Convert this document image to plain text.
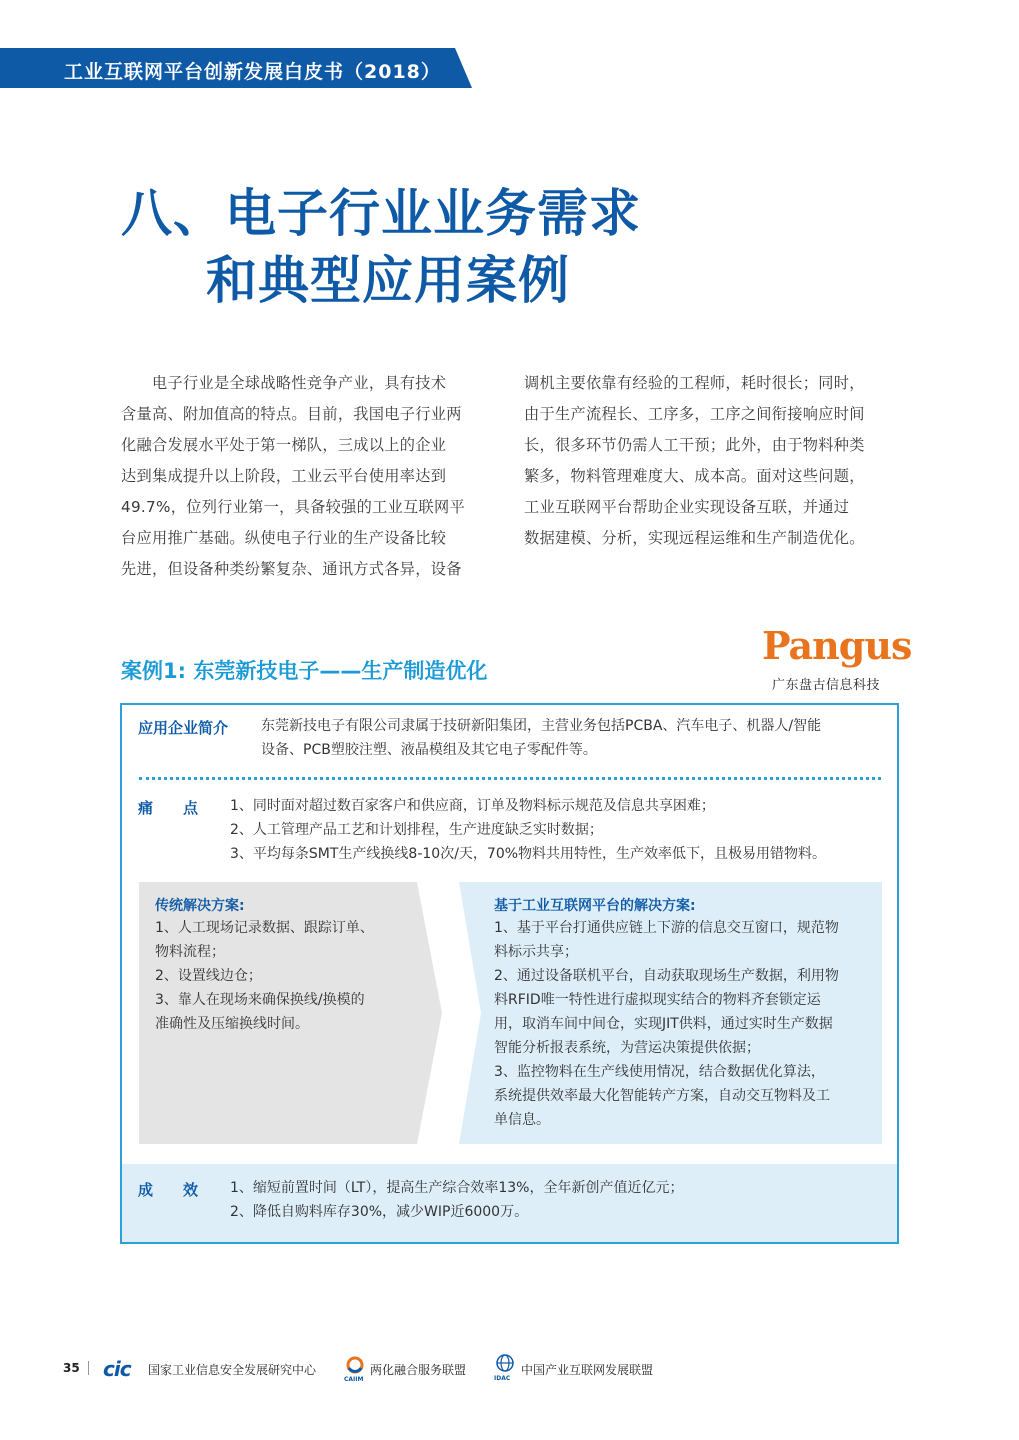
工业互联网平台创新发展白皮书（2018）
八、电子行业业务需求
和典型应用案例
电子行业是全球战略性竞争产业，具有技术
含量高、附加值高的特点。目前，我国电子行业两
化融合发展水平处于第一梯队，三成以上的企业
达到集成提升以上阶段，工业云平台使用率达到
49.7%，位列行业第一，具备较强的工业互联网平
台应用推广基础。纵使电子行业的生产设备比较
先进，但设备种类纷繁复杂、通讯方式各异，设备
调机主要依靠有经验的工程师，耗时很长；同时，
由于生产流程长、工序多，工序之间衔接响应时间
长，很多环节仍需人工干预；此外，由于物料种类
繁多，物料管理难度大、成本高。面对这些问题，
工业互联网平台帮助企业实现设备互联，并通过
数据建模、分析，实现远程运维和生产制造优化。
案例1: 东莞新技电子——生产制造优化
Pangus
广东盘古信息科技
应用企业简介 东莞新技电子有限公司隶属于技研新阳集团，主营业务包括PCBA、汽车电子、机器人/智能
设备、PCB塑胶注塑、液晶模组及其它电子零配件等。
痛　　点 1、同时面对超过数百家客户和供应商，订单及物料标示规范及信息共享困难；
2、人工管理产品工艺和计划排程，生产进度缺乏实时数据；
3、平均每条SMT生产线换线8-10次/天，70%物料共用特性，生产效率低下，且极易用错物料。
传统解决方案:
1、人工现场记录数据、跟踪订单、
物料流程；
2、设置线边仓；
3、靠人在现场来确保换线/换模的
准确性及压缩换线时间。
基于工业互联网平台的解决方案:
1、基于平台打通供应链上下游的信息交互窗口，规范物
料标示共享；
2、通过设备联机平台，自动获取现场生产数据，利用物
料RFID唯一特性进行虚拟现实结合的物料齐套锁定运
用，取消车间中间仓，实现JIT供料，通过实时生产数据
智能分析报表系统，为营运决策提供依据；
3、监控物料在生产线使用情况，结合数据优化算法，
系统提供效率最大化智能转产方案，自动交互物料及工
单信息。
成　　效 1、缩短前置时间（LT），提高生产综合效率13%，全年新创产值近亿元；
2、降低自购料库存30%，减少WIP近6000万。
35 cic 国家工业信息安全发展研究中心
CAIIM
两化融合服务联盟
IDAC
中国产业互联网发展联盟
